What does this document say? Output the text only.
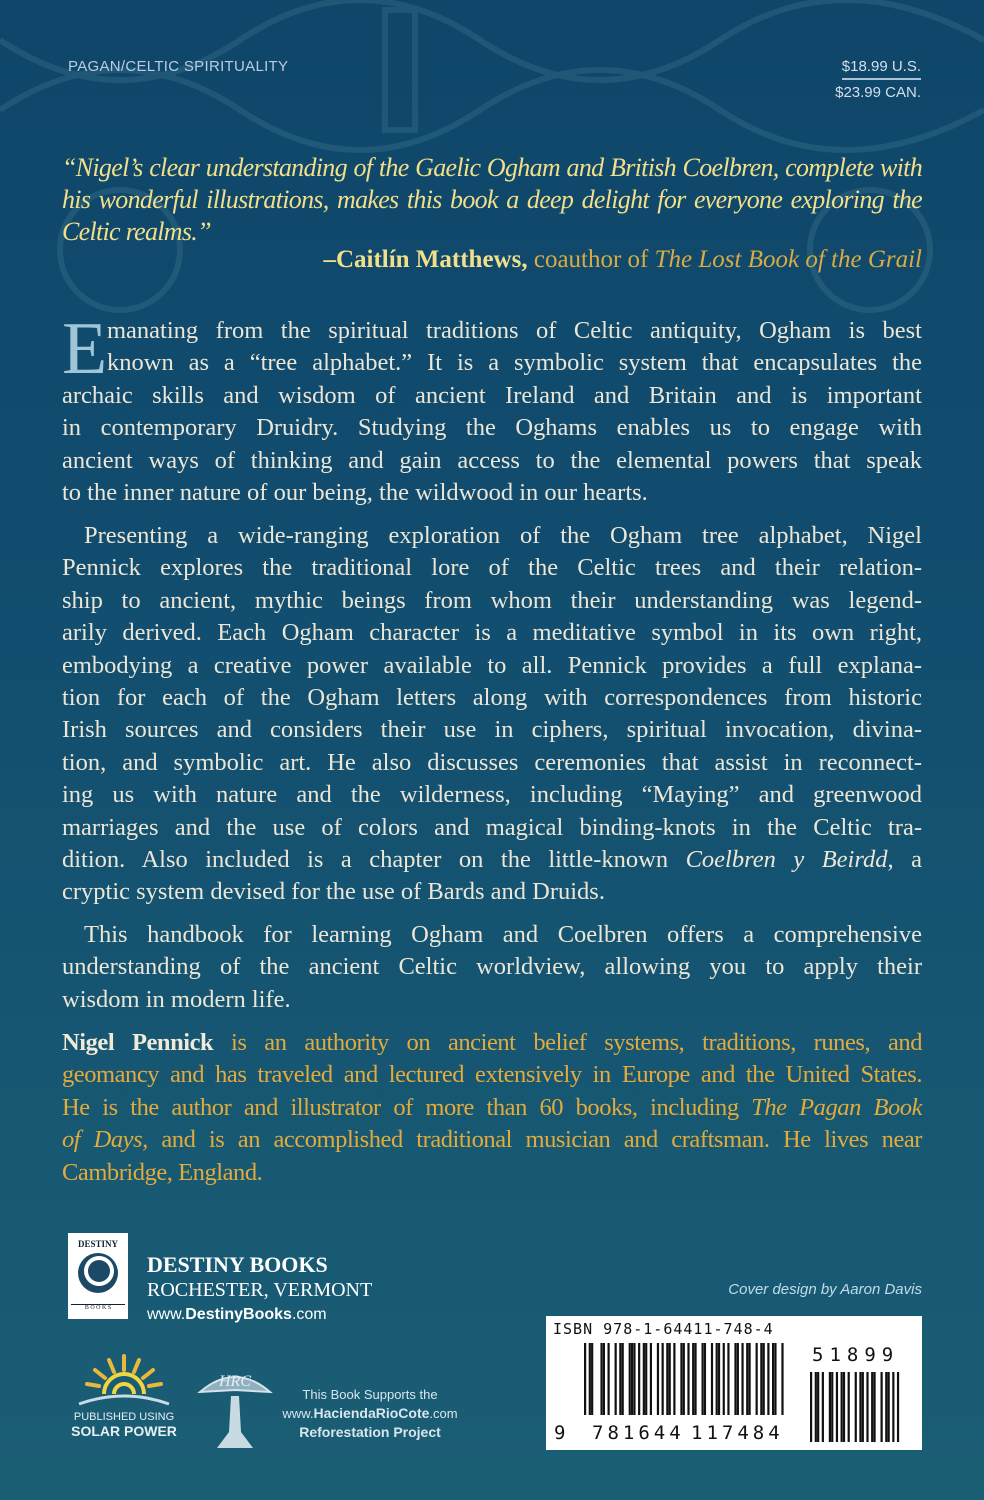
PAGAN/CELTIC SPIRITUALITY	$18.99 U.S.
$23.99 CAN.
“Nigel’s clear understanding of the Gaelic Ogham and British Coelbren, complete with
his wonderful illustrations, makes this book a deep delight for everyone exploring the
Celtic realms.”
–Caitlín Matthews, coauthor of The Lost Book of the Grail
E manating from the spiritual traditions of Celtic antiquity, Ogham is best
known as a “tree alphabet.” It is a symbolic system that encapsulates the
archaic skills and wisdom of ancient Ireland and Britain and is important
in contemporary Druidry. Studying the Oghams enables us to engage with
ancient ways of thinking and gain access to the elemental powers that speak
to the inner nature of our being, the wildwood in our hearts.
Presenting a wide-ranging exploration of the Ogham tree alphabet, Nigel
Pennick explores the traditional lore of the Celtic trees and their relation-
ship to ancient, mythic beings from whom their understanding was legend-
arily derived. Each Ogham character is a meditative symbol in its own right,
embodying a creative power available to all. Pennick provides a full explana-
tion for each of the Ogham letters along with correspondences from historic
Irish sources and considers their use in ciphers, spiritual invocation, divina-
tion, and symbolic art. He also discusses ceremonies that assist in reconnect-
ing us with nature and the wilderness, including “Maying” and greenwood
marriages and the use of colors and magical binding-knots in the Celtic tra-
dition. Also included is a chapter on the little-known Coelbren y Beirdd, a
cryptic system devised for the use of Bards and Druids.
This handbook for learning Ogham and Coelbren offers a comprehensive
understanding of the ancient Celtic worldview, allowing you to apply their
wisdom in modern life.
Nigel Pennick is an authority on ancient belief systems, traditions, runes, and
geomancy and has traveled and lectured extensively in Europe and the United States.
He is the author and illustrator of more than 60 books, including The Pagan Book
of Days, and is an accomplished traditional musician and craftsman. He lives near
Cambridge, England.
DESTINY
B O O K S
DESTINY BOOKS
ROCHESTER, VERMONT
www.DestinyBooks.com
PUBLISHED USING
SOLAR POWER
HRC
This Book Supports the
www.HaciendaRioCote.com
Reforestation Project
Cover design by Aaron Davis
ISBN 978-1-64411-748-4
9 781644 117484
51899
